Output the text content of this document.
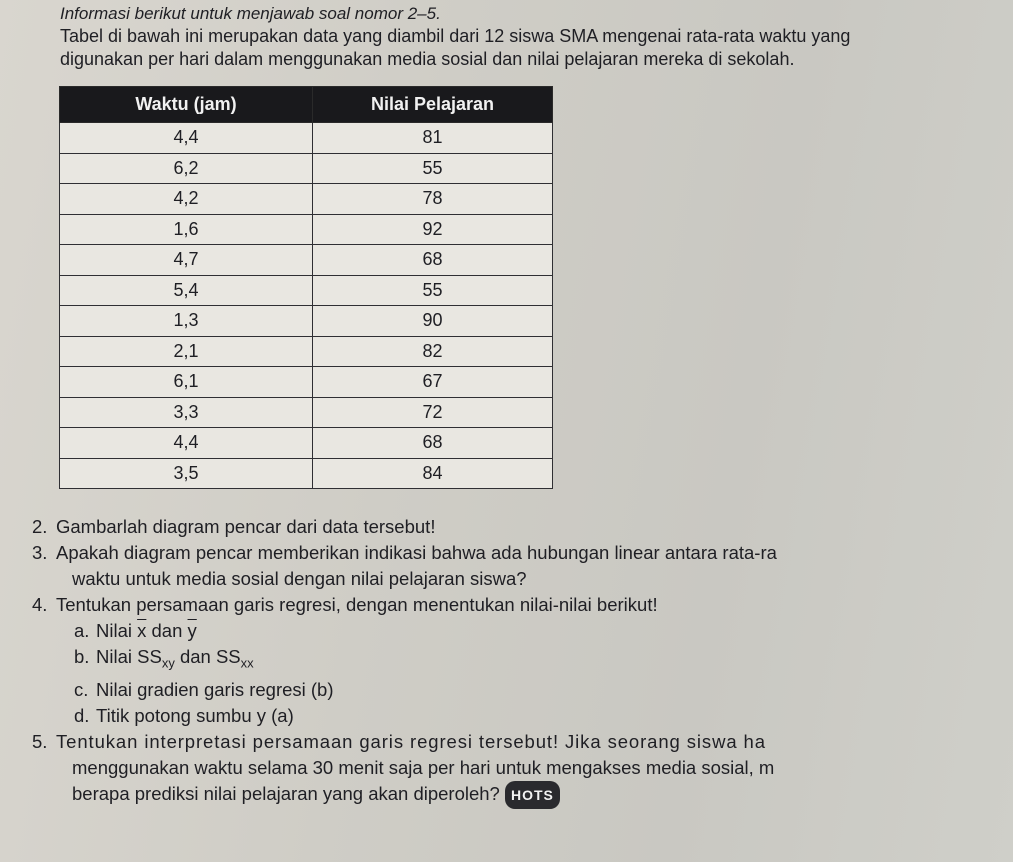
Informasi berikut untuk menjawab soal nomor 2–5.

Tabel di bawah ini merupakan data yang diambil dari 12 siswa SMA mengenai rata-rata waktu yang

digunakan per hari dalam menggunakan media sosial dan nilai pelajaran mereka di sekolah.

Waktu (jam)	Nilai Pelajaran
4,4	81
6,2	55
4,2	78
1,6	92
4,7	68
5,4	55
1,3	90
2,1	82
6,1	67
3,3	72
4,4	68
3,5	84

2. Gambarlah diagram pencar dari data tersebut!

3. Apakah diagram pencar memberikan indikasi bahwa ada hubungan linear antara rata-ra

waktu untuk media sosial dengan nilai pelajaran siswa?

4. Tentukan persamaan garis regresi, dengan menentukan nilai-nilai berikut!

a. Nilai $\overline{x}$ dan $\overline{y}$

b. Nilai $SS_{xy}$ dan $SS_{xx}$

c. Nilai gradien garis regresi (b)

d. Titik potong sumbu y (a)

5. Tentukan interpretasi persamaan garis regresi tersebut! Jika seorang siswa ha

menggunakan waktu selama 30 menit saja per hari untuk mengakses media sosial, m

berapa prediksi nilai pelajaran yang akan diperoleh? HOTS
